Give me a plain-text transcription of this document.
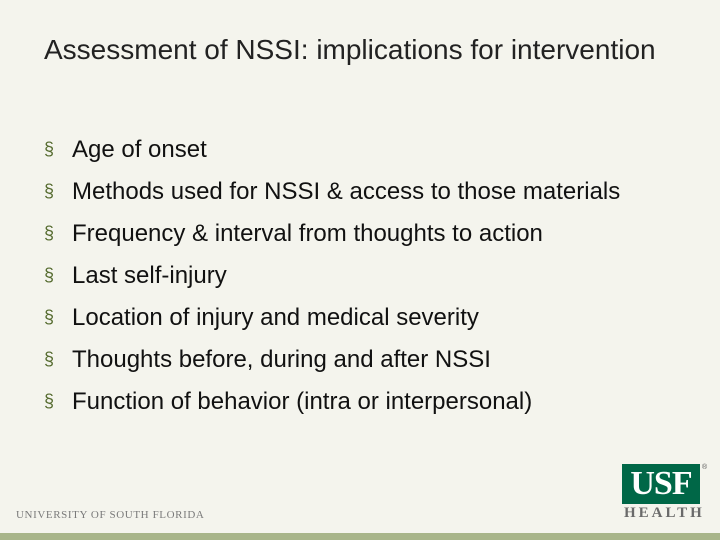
Assessment of NSSI: implications for intervention
§ Age of onset
§ Methods used for NSSI & access to those materials
§ Frequency & interval from thoughts to action
§ Last self-injury
§ Location of injury and medical severity
§ Thoughts before, during and after NSSI
§ Function of behavior (intra or interpersonal)
UNIVERSITY OF SOUTH FLORIDA
USF	®
HEALTH
